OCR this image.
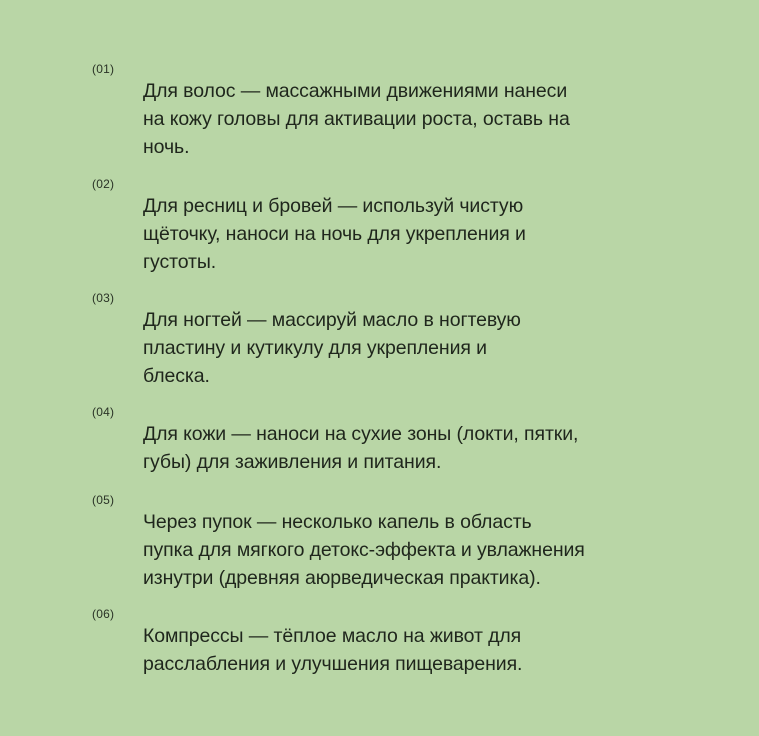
(01)
Для волос — массажными движениями нанеси
на кожу головы для активации роста, оставь на
ночь.
(02)
Для ресниц и бровей — используй чистую
щёточку, наноси на ночь для укрепления и
густоты.
(03)
Для ногтей — массируй масло в ногтевую
пластину и кутикулу для укрепления и
блеска.
(04)
Для кожи — наноси на сухие зоны (локти, пятки,
губы) для заживления и питания.
(05)
Через пупок — несколько капель в область
пупка для мягкого детокс-эффекта и увлажнения
изнутри (древняя аюрведическая практика).
(06)
Компрессы — тёплое масло на живот для
расслабления и улучшения пищеварения.
